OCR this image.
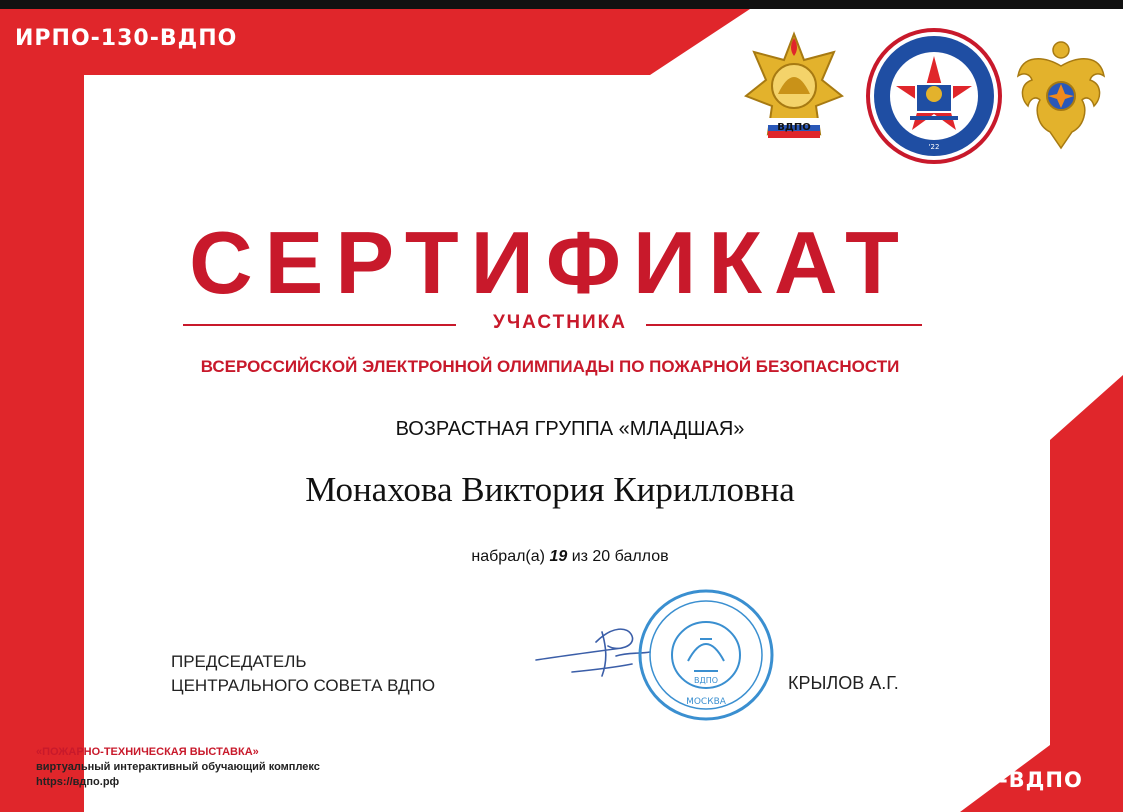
ИРПО-130-ВДПО
ВДПО
'22
СЕРТИФИКАТ
УЧАСТНИКА
ВСЕРОССИЙСКОЙ ЭЛЕКТРОННОЙ ОЛИМПИАДЫ ПО ПОЖАРНОЙ БЕЗОПАСНОСТИ
ВОЗРАСТНАЯ ГРУППА «МЛАДШАЯ»
Монахова Виктория Кирилловна
набрал(а) 19 из 20 баллов
ПРЕДСЕДАТЕЛЬ
ЦЕНТРАЛЬНОГО СОВЕТА ВДПО	ВДПО
МОСКВА
КРЫЛОВ А.Г.
«ПОЖАРНО-ТЕХНИЧЕСКАЯ ВЫСТАВКА»
виртуальный интерактивный обучающий комплекс
https://вдпо.рф	ИРПО-130-ВДПО
